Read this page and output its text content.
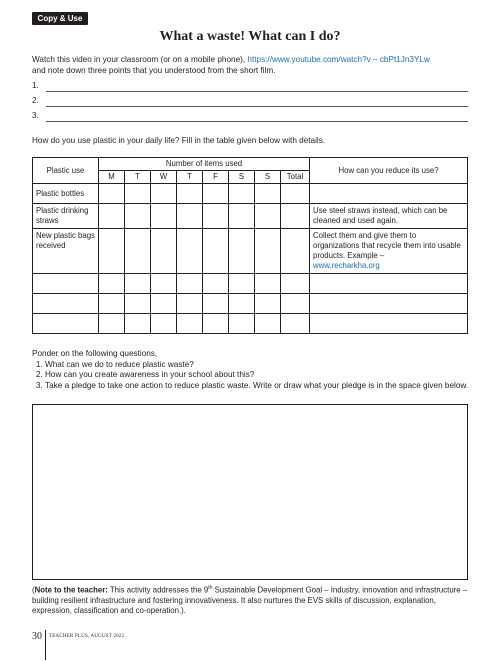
Copy & Use
What a waste! What can I do?

Watch this video in your classroom (or on a mobile phone), https://www.youtube.com/watch?v – cbPt1Jn3YLw
and note down three points that you understood from the short film.

1.
2.
3.

How do you use plastic in your daily life? Fill in the table given below with details.

Plastic use	Number of items used								How can you reduce its use?
	M	T	W	T	F	S	S	Total	
Plastic bottles									
Plastic drinking straws									Use steel straws instead, which can be cleaned and used again.
New plastic bags received									Collect them and give them to organizations that recycle them into usable products. Example –
www.recharkha.org

Ponder on the following questions,
1. What can we do to reduce plastic waste?
2. How can you create awareness in your school about this?
3. Take a pledge to take one action to reduce plastic waste. Write or draw what your pledge is in the space given below.
(Note to the teacher: This activity addresses the 9th Sustainable Development Goal – Industry, innovation and infrastructure – building resilient infrastructure and fostering innovativeness. It also nurtures the EVS skills of discussion, explanation, expression, classification and co-operation.).
30 TEACHER PLUS, AUGUST 2022
